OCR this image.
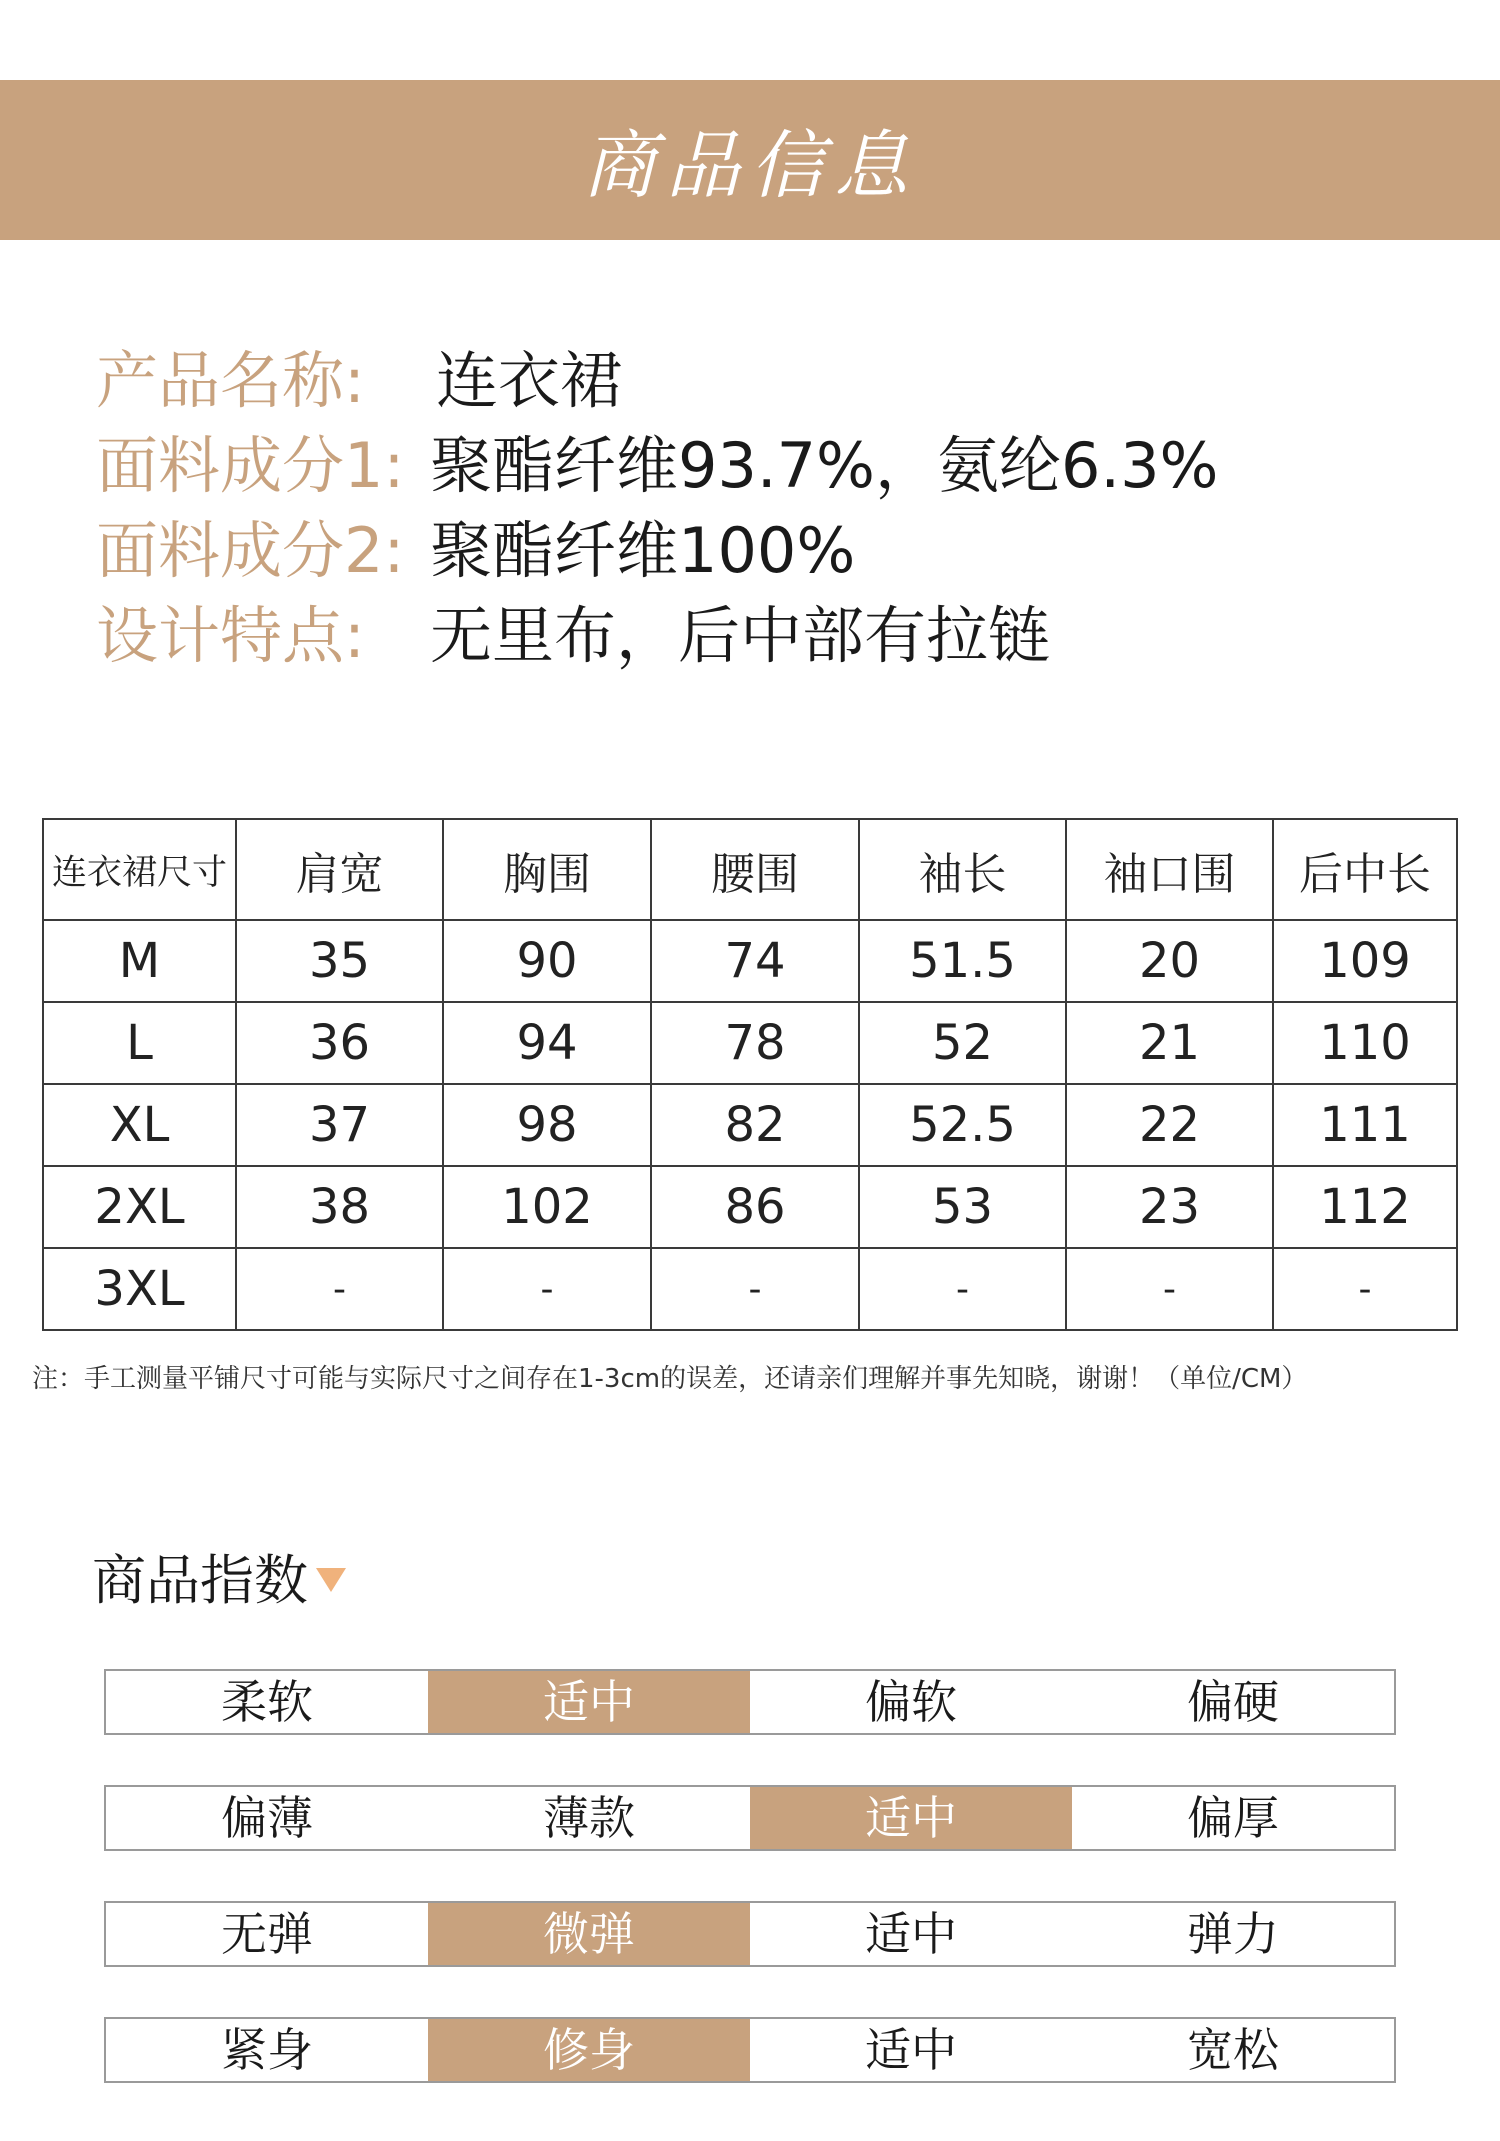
商品信息
产品名称: 连衣裙
面料成分1: 聚酯纤维93.7%，氨纶6.3%
面料成分2: 聚酯纤维100%
设计特点: 无里布，后中部有拉链
连衣裙尺寸	肩宽	胸围	腰围	袖长	袖口围	后中长
M	35	90	74	51.5	20	109
L	36	94	78	52	21	110
XL	37	98	82	52.5	22	111
2XL	38	102	86	53	23	112
3XL	-	-	-	-	-	-
注：手工测量平铺尺寸可能与实际尺寸之间存在1-3cm的误差，还请亲们理解并事先知晓，谢谢！（单位/CM）
商品指数
柔软	适中	偏软	偏硬
偏薄	薄款	适中	偏厚
无弹	微弹	适中	弹力
紧身	修身	适中	宽松
